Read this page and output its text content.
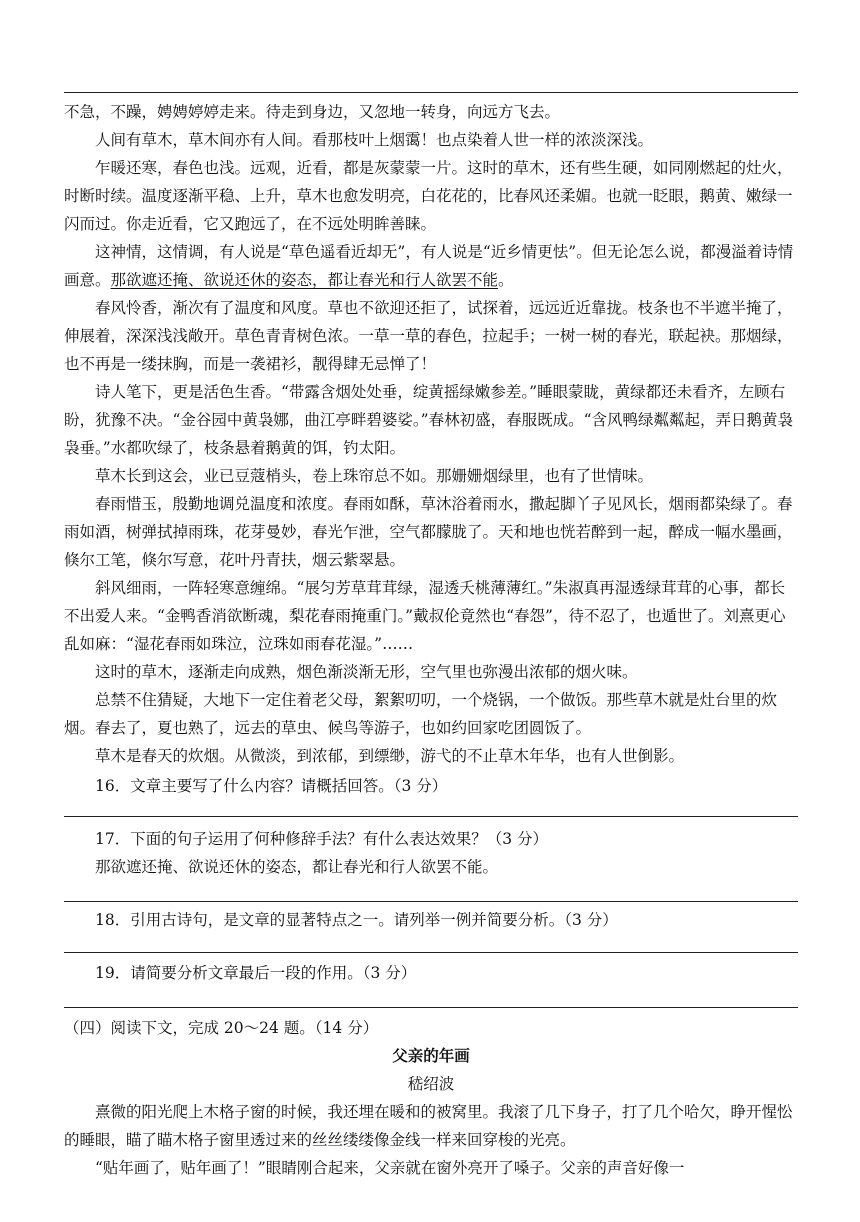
不急，不躁，娉娉婷婷走来。待走到身边，又忽地一转身，向远方飞去。

人间有草木，草木间亦有人间。看那枝叶上烟霭！也点染着人世一样的浓淡深浅。

乍暖还寒，春色也浅。远观，近看，都是灰蒙蒙一片。这时的草木，还有些生硬，如同刚燃起的灶火，时断时续。温度逐渐平稳、上升，草木也愈发明亮，白花花的，比春风还柔媚。也就一眨眼，鹅黄、嫩绿一闪而过。你走近看，它又跑远了，在不远处明眸善睐。

这神情，这情调，有人说是“草色遥看近却无”，有人说是“近乡情更怯”。但无论怎么说，都漫溢着诗情画意。那欲遮还掩、欲说还休的姿态，都让春光和行人欲罢不能。

春风怜香，渐次有了温度和风度。草也不欲迎还拒了，试探着，远远近近靠拢。枝条也不半遮半掩了，伸展着，深深浅浅敞开。草色青青树色浓。一草一草的春色，拉起手；一树一树的春光，联起袂。那烟绿，也不再是一缕抹胸，而是一袭裙衫，靓得肆无忌惮了！

诗人笔下，更是活色生香。“带露含烟处处垂，绽黄摇绿嫩参差。”睡眼蒙眬，黄绿都还未看齐，左顾右盼，犹豫不决。“金谷园中黄袅娜，曲江亭畔碧婆娑。”春林初盛，春服既成。“含风鸭绿粼粼起，弄日鹅黄袅袅垂。”水都吹绿了，枝条悬着鹅黄的饵，钓太阳。

草木长到这会，业已豆蔻梢头，卷上珠帘总不如。那姗姗烟绿里，也有了世情味。

春雨惜玉，殷勤地调兑温度和浓度。春雨如酥，草沐浴着雨水，撒起脚丫子见风长，烟雨都染绿了。春雨如酒，树弹拭掉雨珠，花芽曼妙，春光乍泄，空气都朦胧了。天和地也恍若醉到一起，醉成一幅水墨画，倏尔工笔，倏尔写意，花叶丹青扶，烟云紫翠悬。

斜风细雨，一阵轻寒意缠绵。“展匀芳草茸茸绿，湿透夭桃薄薄红。”朱淑真再湿透绿茸茸的心事，都长不出爱人来。“金鸭香消欲断魂，梨花春雨掩重门。”戴叔伦竟然也“春怨”，待不忍了，也遁世了。刘熹更心乱如麻：“湿花春雨如珠泣，泣珠如雨春花湿。”……

这时的草木，逐渐走向成熟，烟色渐淡渐无形，空气里也弥漫出浓郁的烟火味。

总禁不住猜疑，大地下一定住着老父母，絮絮叨叨，一个烧锅，一个做饭。那些草木就是灶台里的炊烟。春去了，夏也熟了，远去的草虫、候鸟等游子，也如约回家吃团圆饭了。

草木是春天的炊烟。从微淡，到浓郁，到缥缈，游弋的不止草木年华，也有人世倒影。

16．文章主要写了什么内容？请概括回答。（3 分）

17．下面的句子运用了何种修辞手法？有什么表达效果？（3 分）

那欲遮还掩、欲说还休的姿态，都让春光和行人欲罢不能。

18．引用古诗句，是文章的显著特点之一。请列举一例并简要分析。（3 分）

19．请简要分析文章最后一段的作用。（3 分）

（四）阅读下文，完成 20～24 题。（14 分）

父亲的年画

嵇绍波

熹微的阳光爬上木格子窗的时候，我还埋在暖和的被窝里。我滚了几下身子，打了几个哈欠，睁开惺忪的睡眼，瞄了瞄木格子窗里透过来的丝丝缕缕像金线一样来回穿梭的光亮。

“贴年画了，贴年画了！”眼睛刚合起来，父亲就在窗外亮开了嗓子。父亲的声音好像一
